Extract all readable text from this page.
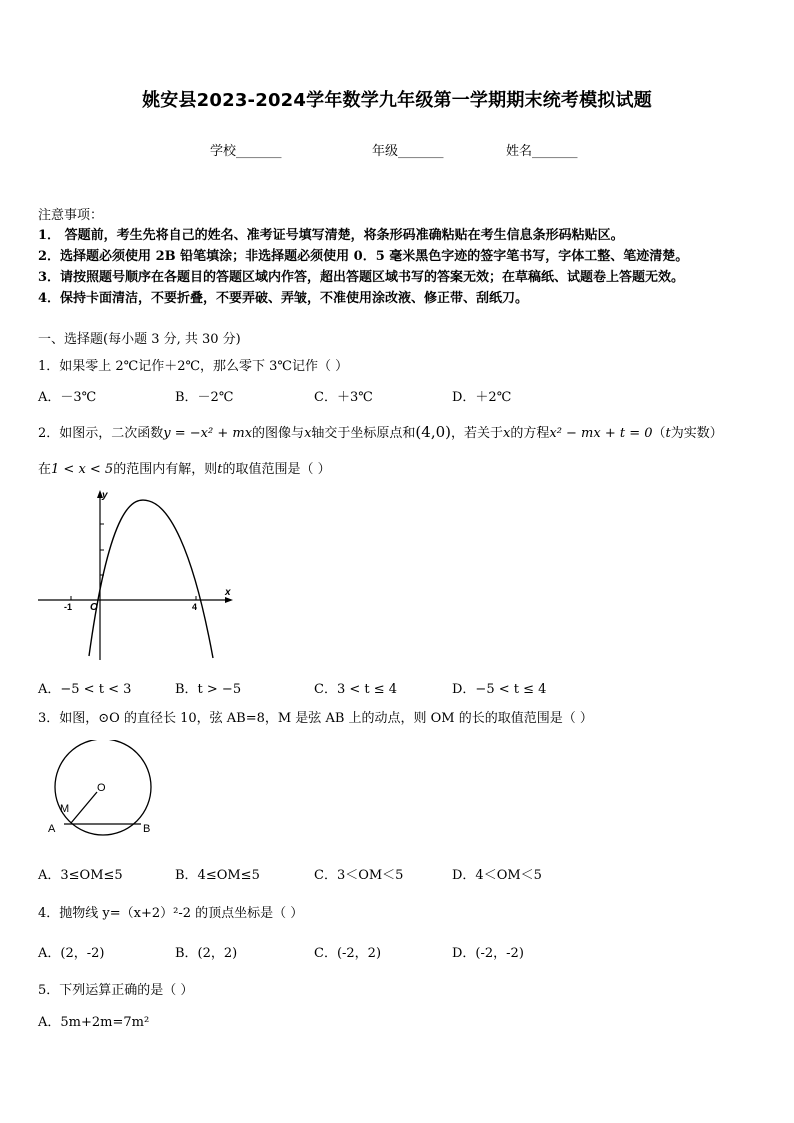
姚安县2023-2024学年数学九年级第一学期期末统考模拟试题
学校_______	年级_______	姓名_______
注意事项：
1． 答题前，考生先将自己的姓名、准考证号填写清楚，将条形码准确粘贴在考生信息条形码粘贴区。
2．选择题必须使用 2B 铅笔填涂；非选择题必须使用 0．5 毫米黑色字迹的签字笔书写，字体工整、笔迹清楚。
3．请按照题号顺序在各题目的答题区域内作答，超出答题区域书写的答案无效；在草稿纸、试题卷上答题无效。
4．保持卡面清洁，不要折叠，不要弄破、弄皱，不准使用涂改液、修正带、刮纸刀。
一、选择题(每小题 3 分, 共 30 分)
1．如果零上 2℃记作＋2℃，那么零下 3℃记作（ ）
A．－3℃	B．－2℃	C．＋3℃	D．＋2℃
2．如图示，二次函数y = −x² + mx的图像与x轴交于坐标原点和(4,0)，若关于x的方程x² − mx + t = 0（t为实数）
在1 < x < 5的范围内有解，则t的取值范围是（ ）
y
x
-1 O	4
A．−5 < t < 3	B．t > −5	C．3 < t ≤ 4	D．−5 < t ≤ 4
3．如图，⊙O 的直径长 10，弦 AB=8，M 是弦 AB 上的动点，则 OM 的长的取值范围是（ ）
O
M
A	B
A．3≤OM≤5	B．4≤OM≤5	C．3＜OM＜5	D．4＜OM＜5
4．抛物线 y=（x+2）²-2 的顶点坐标是（ ）
A．(2，-2)	B．(2，2)	C．(-2，2)	D．(-2，-2)
5．下列运算正确的是（ ）
A．5m+2m=7m²
